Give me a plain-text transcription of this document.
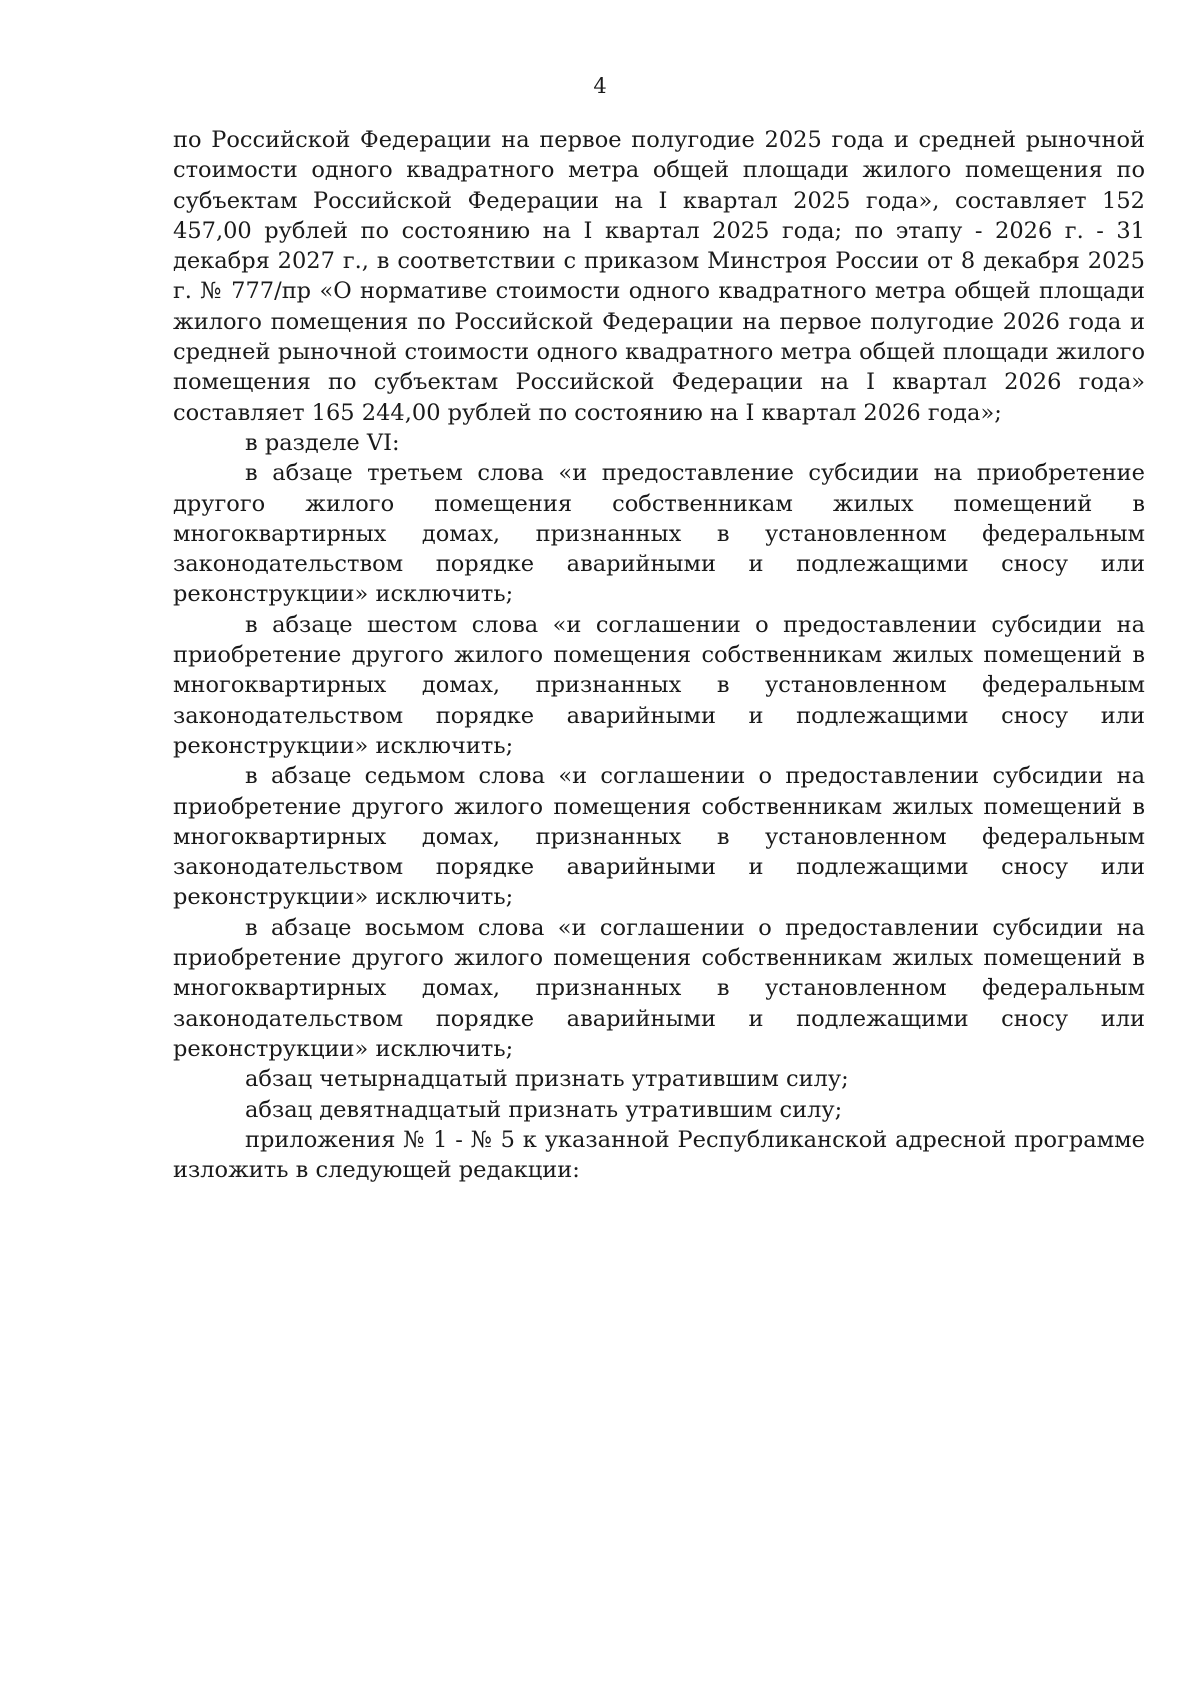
4

по Российской Федерации на первое полугодие 2025 года и средней рыночной стоимости одного квадратного метра общей площади жилого помещения по субъектам Российской Федерации на I квартал 2025 года», составляет 152 457,00 рублей по состоянию на I квартал 2025 года; по этапу - 2026 г. - 31 декабря 2027 г., в соответствии с приказом Минстроя России от 8 декабря 2025 г. № 777/пр «О нормативе стоимости одного квадратного метра общей площади жилого помещения по Российской Федерации на первое полугодие 2026 года и средней рыночной стоимости одного квадратного метра общей площади жилого помещения по субъектам Российской Федерации на I квартал 2026 года» составляет 165 244,00 рублей по состоянию на I квартал 2026 года»;

в разделе VI:

в абзаце третьем слова «и предоставление субсидии на приобретение другого жилого помещения собственникам жилых помещений в многоквартирных домах, признанных в установленном федеральным законодательством порядке аварийными и подлежащими сносу или реконструкции» исключить;

в абзаце шестом слова «и соглашении о предоставлении субсидии на приобретение другого жилого помещения собственникам жилых помещений в многоквартирных домах, признанных в установленном федеральным законодательством порядке аварийными и подлежащими сносу или реконструкции» исключить;

в абзаце седьмом слова «и соглашении о предоставлении субсидии на приобретение другого жилого помещения собственникам жилых помещений в многоквартирных домах, признанных в установленном федеральным законодательством порядке аварийными и подлежащими сносу или реконструкции» исключить;

в абзаце восьмом слова «и соглашении о предоставлении субсидии на приобретение другого жилого помещения собственникам жилых помещений в многоквартирных домах, признанных в установленном федеральным законодательством порядке аварийными и подлежащими сносу или реконструкции» исключить;

абзац четырнадцатый признать утратившим силу;

абзац девятнадцатый признать утратившим силу;

приложения № 1 - № 5 к указанной Республиканской адресной программе изложить в следующей редакции:
